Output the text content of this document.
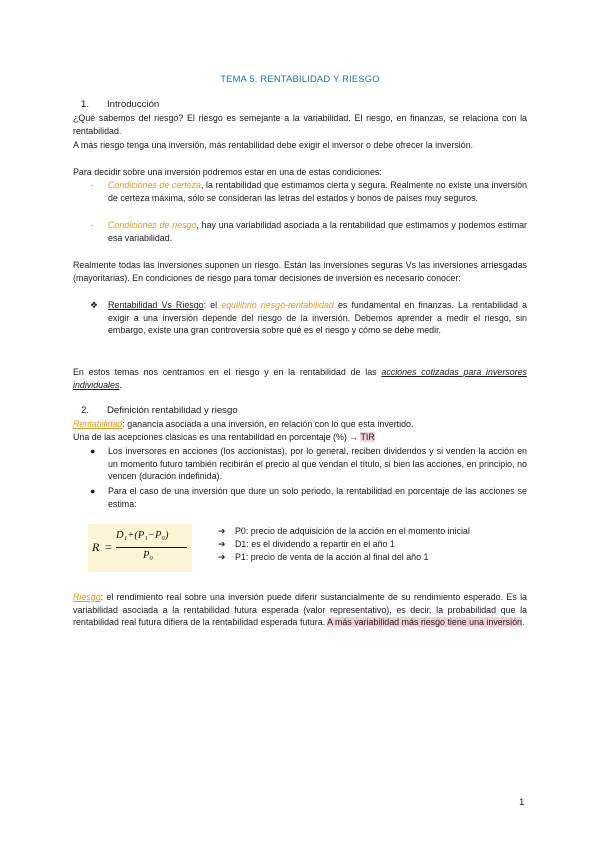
TEMA 5. RENTABILIDAD Y RIESGO
1. Introducción

¿Qué sabemos del riesgo? El riesgo es semejante a la variabilidad. El riesgo, en finanzas, se relaciona con la rentabilidad.

A más riesgo tenga una inversión, más rentabilidad debe exigir el inversor o debe ofrecer la inversión.

Para decidir sobre una inversión podremos estar en una de estas condiciones:

- Condiciones de certeza, la rentabilidad que estimamos cierta y segura. Realmente no existe una inversión de certeza máxima, sólo se consideran las letras del estados y bonos de países muy seguros.
- Condiciones de riesgo, hay una variabilidad asociada a la rentabilidad que estimamos y podemos estimar esa variabilidad.

Realmente todas las inversiones suponen un riesgo. Están las inversiones seguras Vs las inversiones arriesgadas (mayoritarias). En condiciones de riesgo para tomar decisiones de inversión es necesario conocer:

❖ Rentabilidad Vs Riesgo: el equilibrio riesgo-rentabilidad es fundamental en finanzas. La rentabilidad a exigir a una inversión depende del riesgo de la inversión. Debemos aprender a medir el riesgo, sin embargo, existe una gran controversia sobre qué es el riesgo y cómo se debe medir.

En estos temas nos centramos en el riesgo y en la rentabilidad de las acciones cotizadas para inversores individuales.

2. Definición rentabilidad y riesgo

Rentabilidad: ganancia asociada a una inversión, en relación con lo que esta invertido.

Una de las acepciones clásicas es una rentabilidad en porcentaje (%) → TIR

● Los inversores en acciones (los accionistas), por lo general, reciben dividendos y si venden la acción en un momento futuro también recibirán el precio al que vendan el título, si bien las acciones, en principio, no vencen (duración indefinida).
● Para el caso de una inversión que dure un solo periodo, la rentabilidad en porcentaje de las acciones se estima:
R =
D₁+(P₁−P₀)
P₀
➔ P0: precio de adquisición de la acción en el momento inicial
➔ D1: es el dividendo a repartir en el año 1
➔ P1: precio de venta de la acción al final del año 1

Riesgo: el rendimiento real sobre una inversión puede diferir sustancialmente de su rendimiento esperado. Es la variabilidad asociada a la rentabilidad futura esperada (valor representativo), es decir, la probabilidad que la rentabilidad real futura difiera de la rentabilidad esperada futura. A más variabilidad más riesgo tiene una inversión.

1
